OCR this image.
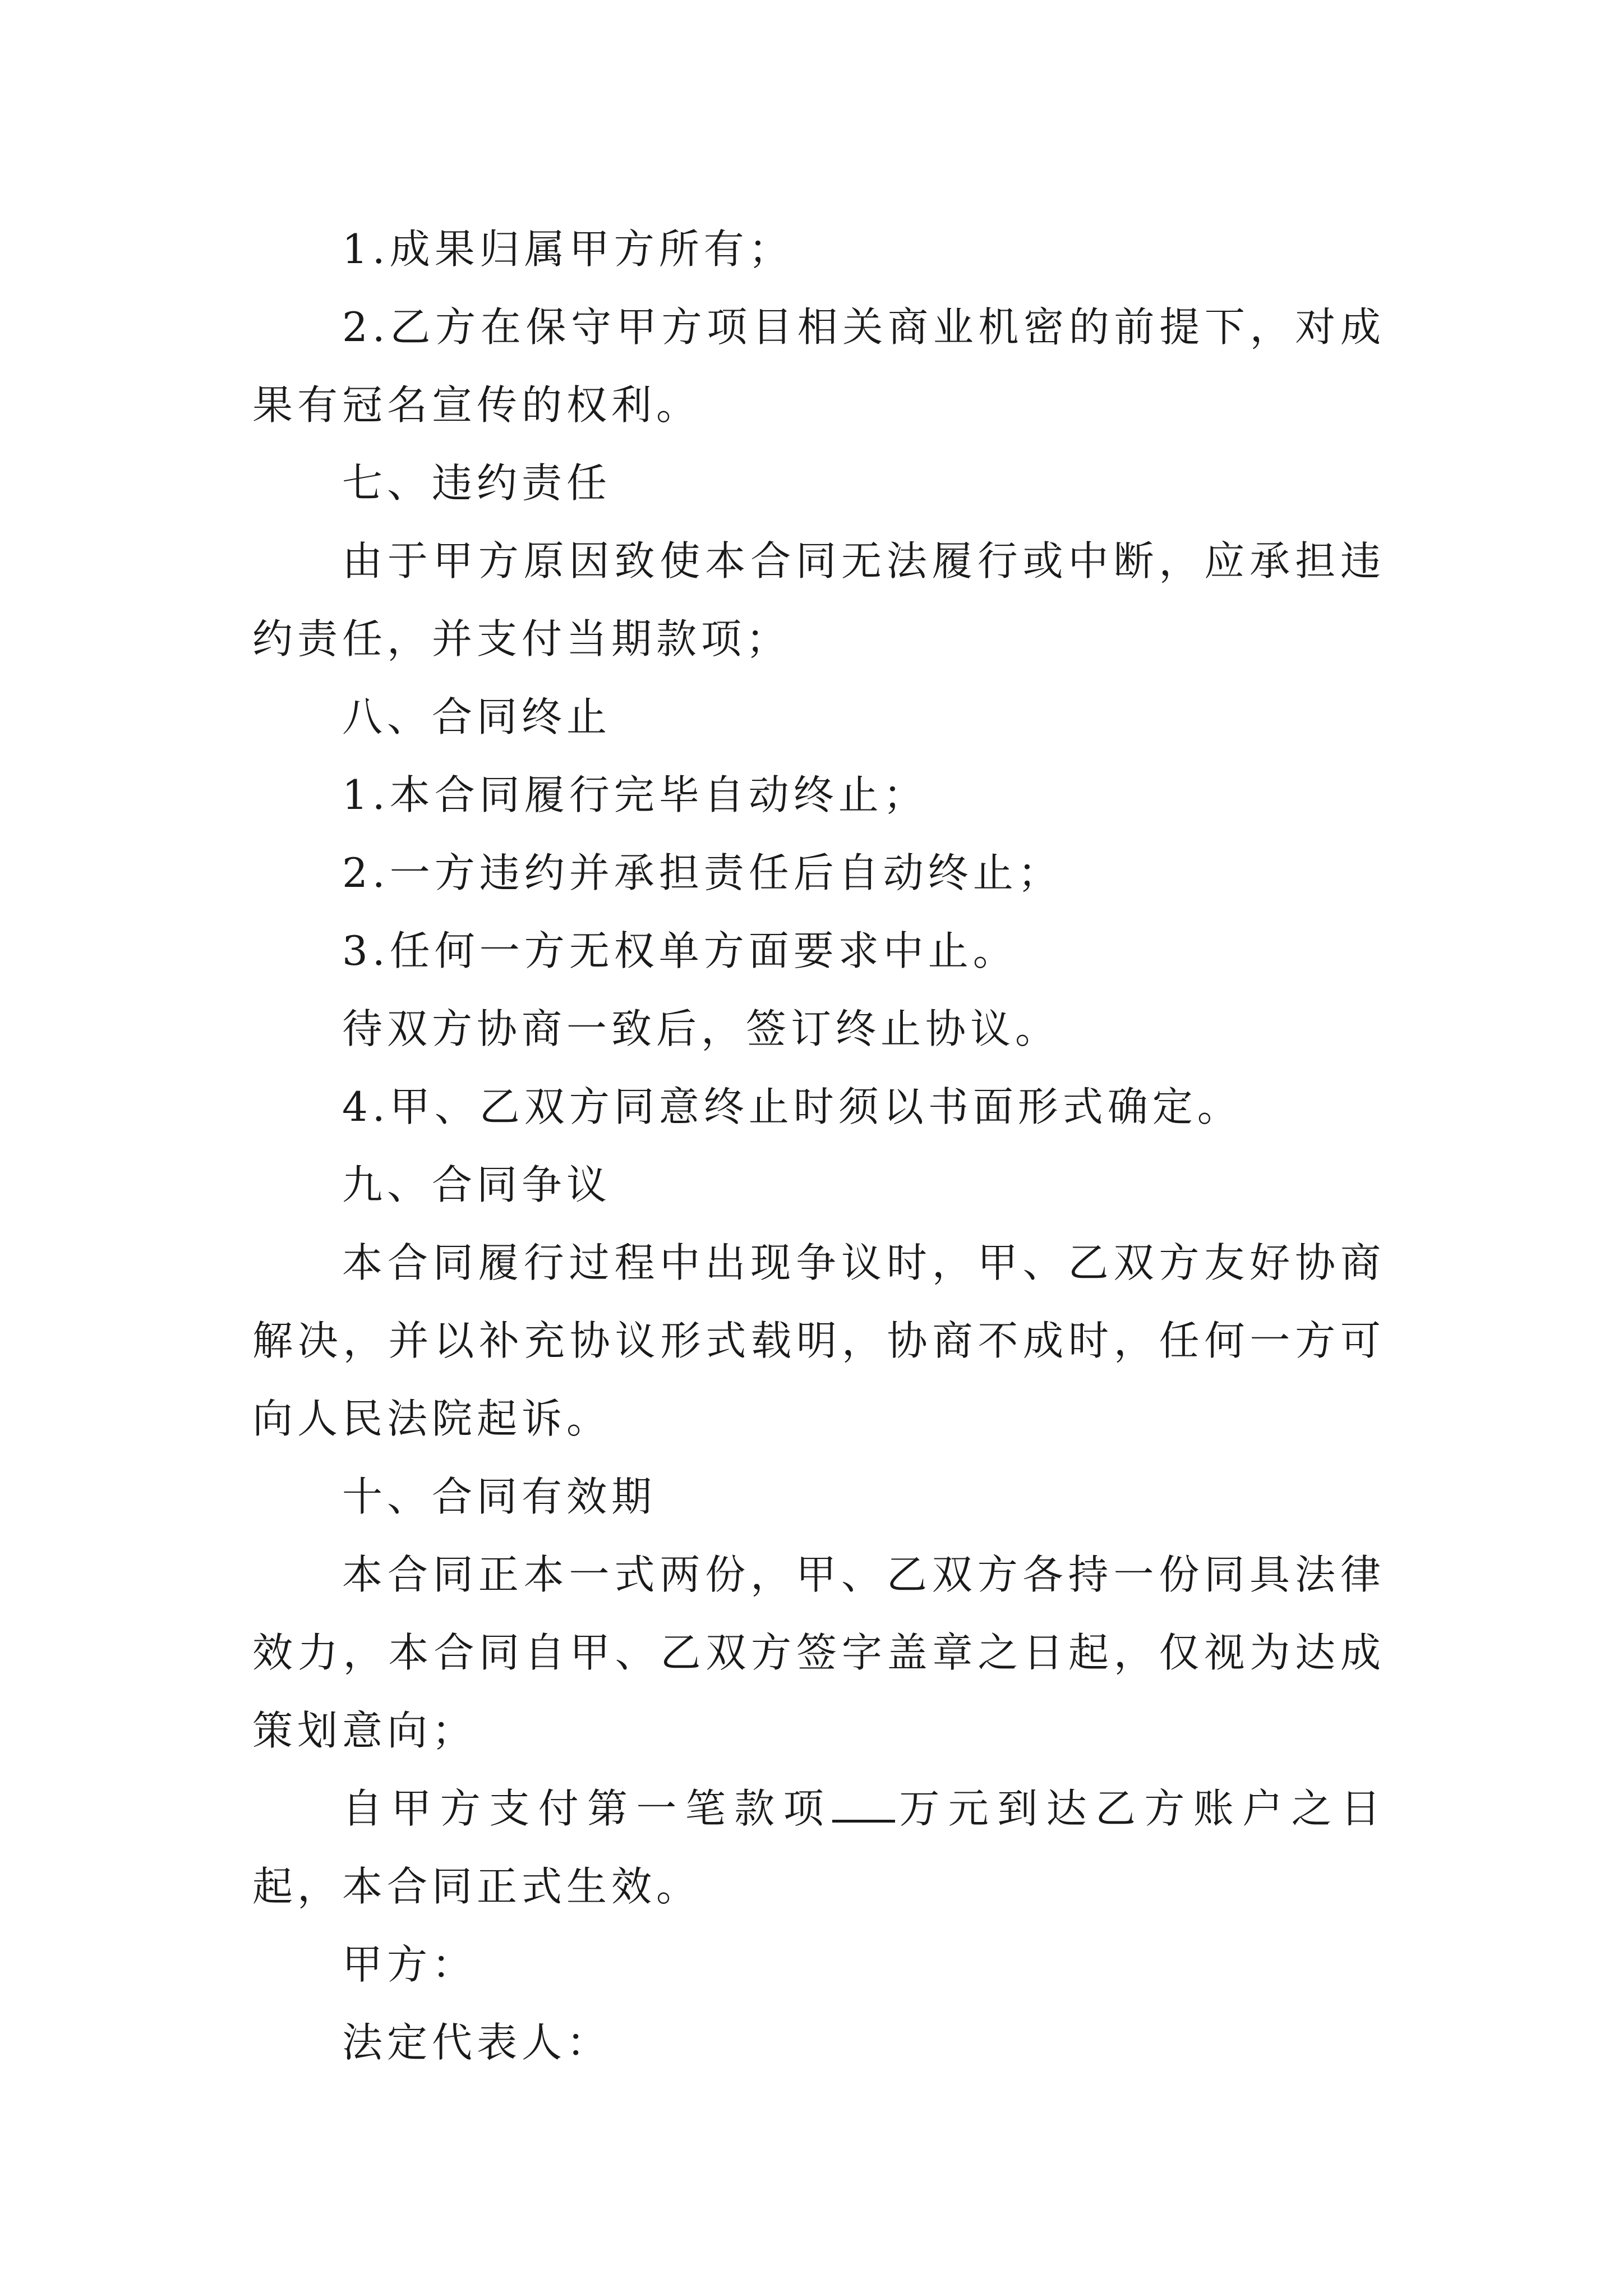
1.成果归属甲方所有；

2.乙方在保守甲方项目相关商业机密的前提下，对成果有冠名宣传的权利。

七、违约责任

由于甲方原因致使本合同无法履行或中断，应承担违约责任，并支付当期款项；

八、合同终止

1.本合同履行完毕自动终止；

2.一方违约并承担责任后自动终止；

3.任何一方无权单方面要求中止。

待双方协商一致后，签订终止协议。

4.甲、乙双方同意终止时须以书面形式确定。

九、合同争议

本合同履行过程中出现争议时，甲、乙双方友好协商解决，并以补充协议形式载明，协商不成时，任何一方可向人民法院起诉。

十、合同有效期

本合同正本一式两份，甲、乙双方各持一份同具法律效力，本合同自甲、乙双方签字盖章之日起，仅视为达成策划意向；

自甲方支付第一笔款项 万元到达乙方账户之日起，本合同正式生效。

甲方：

法定代表人：
